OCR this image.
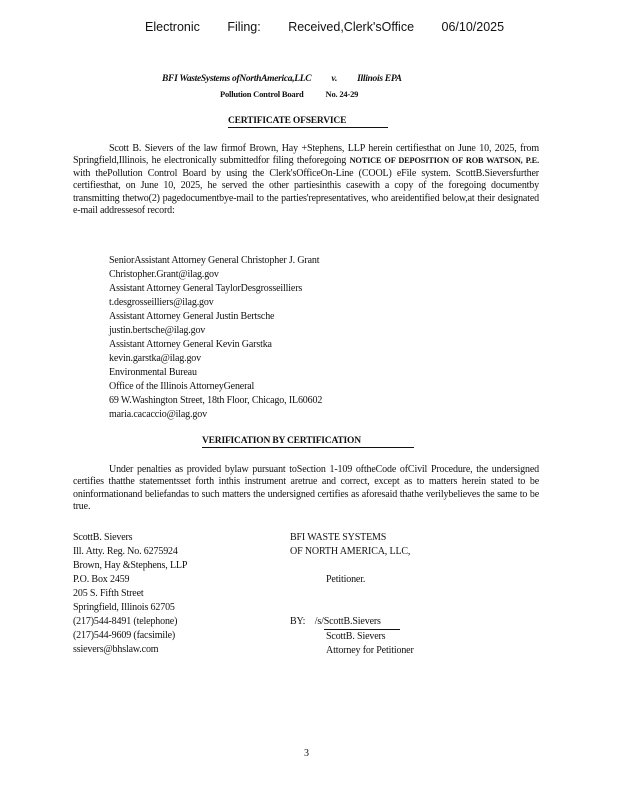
Electronic Filing: Received,Clerk'sOffice 06/10/2025
BFI WasteSystems ofNorthAmerica,LLC v. Illinois EPA
Pollution Control Board	No. 24-29
CERTIFICATE OFSERVICE

Scott B. Sievers of the law firmof Brown, Hay +Stephens, LLP herein certifiesthat on June 10, 2025, from Springfield,Illinois, he electronically submittedfor filing theforegoing NOTICE OF DEPOSITION OF ROB WATSON, P.E. with thePollution Control Board by using the Clerk'sOfficeOn-Line (COOL) eFile system. ScottB.Sieversfurther certifiesthat, on June 10, 2025, he served the other partiesinthis casewith a copy of the foregoing documentby transmitting thetwo(2) pagedocumentbye-mail to the parties'representatives, who areidentified below,at their designated e-mail addressesof record:

SeniorAssistant Attorney General Christopher J. Grant
Christopher.Grant@ilag.gov
Assistant Attorney General TaylorDesgrosseilliers
t.desgrosseilliers@ilag.gov
Assistant Attorney General Justin Bertsche
justin.bertsche@ilag.gov
Assistant Attorney General Kevin Garstka
kevin.garstka@ilag.gov
Environmental Bureau
Office of the Illinois AttorneyGeneral
69 W.Washington Street, 18th Floor, Chicago, IL60602
maria.cacaccio@ilag.gov
VERIFICATION BY CERTIFICATION

Under penalties as provided bylaw pursuant toSection 1-109 oftheCode ofCivil Procedure, the undersigned certifies thatthe statementsset forth inthis instrument aretrue and correct, except as to matters herein stated to be oninformationand beliefandas to such matters the undersigned certifies as aforesaid thathe verilybelieves the same to be true.

ScottB. Sievers
Ill. Atty. Reg. No. 6275924
Brown, Hay &Stephens, LLP
P.O. Box 2459
205 S. Fifth Street
Springfield, Illinois 62705
(217)544-8491 (telephone)
(217)544-9609 (facsimile)
ssievers@bhslaw.com
BFI WASTE SYSTEMS
OF NORTH AMERICA, LLC,
Petitioner.
BY: /s/ScottB.Sievers
ScottB. Sievers
Attorney for Petitioner
3
